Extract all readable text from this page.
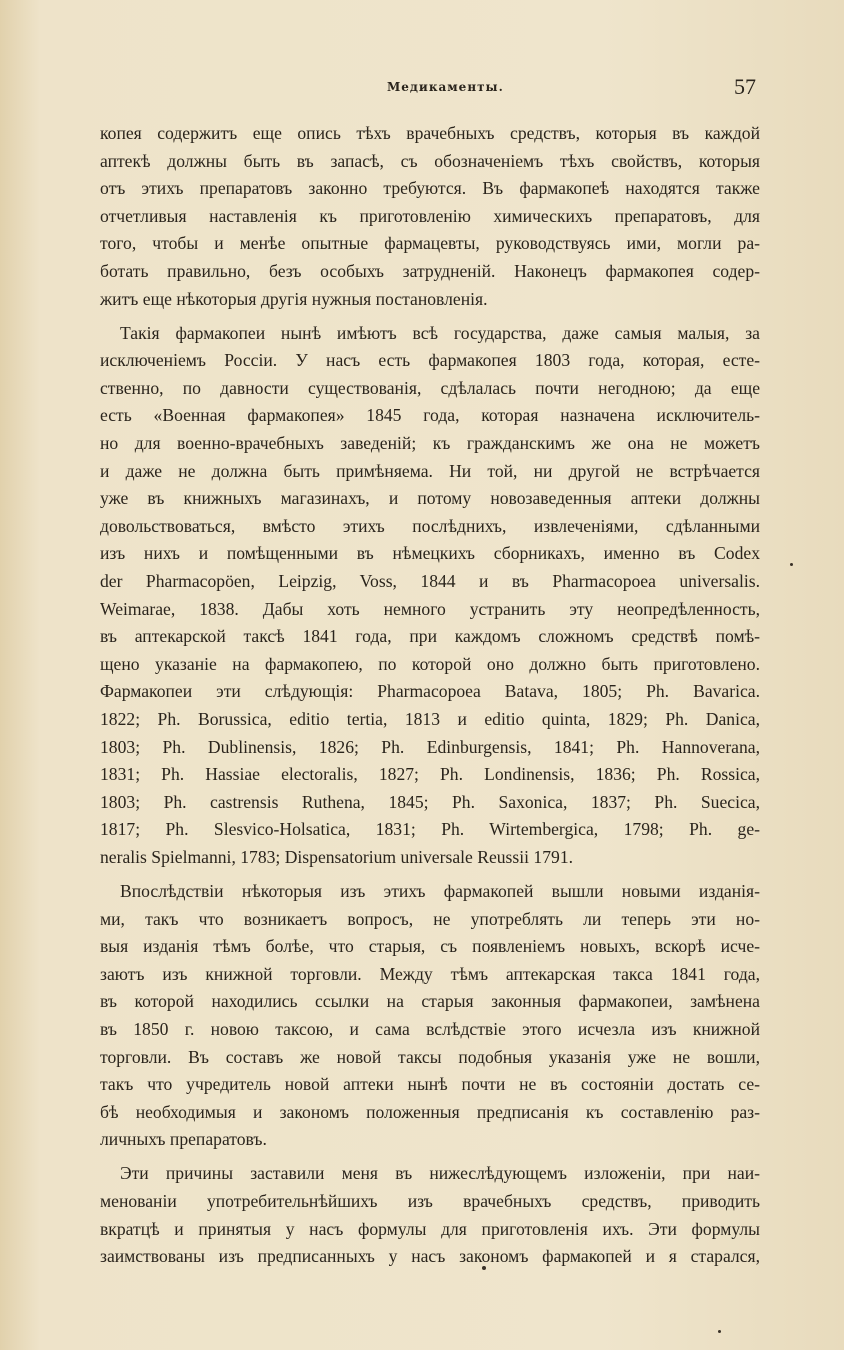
Медикаменты.	57
копея содержитъ еще опись тѣхъ врачебныхъ средствъ, которыя въ каждой
аптекѣ должны быть въ запасѣ, съ обозначеніемъ тѣхъ свойствъ, которыя
отъ этихъ препаратовъ законно требуются. Въ фармакопеѣ находятся также
отчетливыя наставленія къ приготовленію химическихъ препаратовъ, для
того, чтобы и менѣе опытные фармацевты, руководствуясь ими, могли ра-
ботать правильно, безъ особыхъ затрудненій. Наконецъ фармакопея содер-
житъ еще нѣкоторыя другія нужныя постановленія.
Такія фармакопеи нынѣ имѣютъ всѣ государства, даже самыя малыя, за
исключеніемъ Россіи. У насъ есть фармакопея 1803 года, которая, есте-
ственно, по давности существованія, сдѣлалась почти негодною; да еще
есть «Военная фармакопея» 1845 года, которая назначена исключитель-
но для военно-врачебныхъ заведеній; къ гражданскимъ же она не можетъ
и даже не должна быть примѣняема. Ни той, ни другой не встрѣчается
уже въ книжныхъ магазинахъ, и потому новозаведенныя аптеки должны
довольствоваться, вмѣсто этихъ послѣднихъ, извлеченіями, сдѣланными
изъ нихъ и помѣщенными въ нѣмецкихъ сборникахъ, именно въ Codex
der Pharmacopöen, Leipzig, Voss, 1844 и въ Pharmacopoea universalis.
Weimarae, 1838. Дабы хоть немного устранить эту неопредѣленность,
въ аптекарской таксѣ 1841 года, при каждомъ сложномъ средствѣ помѣ-
щено указаніе на фармакопею, по которой оно должно быть приготовлено.
Фармакопеи эти слѣдующія: Pharmacopoea Batava, 1805; Ph. Bavarica.
1822; Ph. Borussica, editio tertia, 1813 и editio quinta, 1829; Ph. Danica,
1803; Ph. Dublinensis, 1826; Ph. Edinburgensis, 1841; Ph. Hannoverana,
1831; Ph. Hassiae electoralis, 1827; Ph. Londinensis, 1836; Ph. Rossica,
1803; Ph. castrensis Ruthena, 1845; Ph. Saxonica, 1837; Ph. Suecica,
1817; Ph. Slesvico-Holsatica, 1831; Ph. Wirtembergica, 1798; Ph. ge-
neralis Spielmanni, 1783; Dispensatorium universale Reussii 1791.
Впослѣдствіи нѣкоторыя изъ этихъ фармакопей вышли новыми изданія-
ми, такъ что возникаетъ вопросъ, не употреблять ли теперь эти но-
выя изданія тѣмъ болѣе, что старыя, съ появленіемъ новыхъ, вскорѣ исче-
заютъ изъ книжной торговли. Между тѣмъ аптекарская такса 1841 года,
въ которой находились ссылки на старыя законныя фармакопеи, замѣнена
въ 1850 г. новою таксою, и сама вслѣдствіе этого исчезла изъ книжной
торговли. Въ составъ же новой таксы подобныя указанія уже не вошли,
такъ что учредитель новой аптеки нынѣ почти не въ состояніи достать се-
бѣ необходимыя и закономъ положенныя предписанія къ составленію раз-
личныхъ препаратовъ.
Эти причины заставили меня въ нижеслѣдующемъ изложеніи, при наи-
менованіи употребительнѣйшихъ изъ врачебныхъ средствъ, приводить
вкратцѣ и принятыя у насъ формулы для приготовленія ихъ. Эти формулы
заимствованы изъ предписанныхъ у насъ закономъ фармакопей и я старался,
